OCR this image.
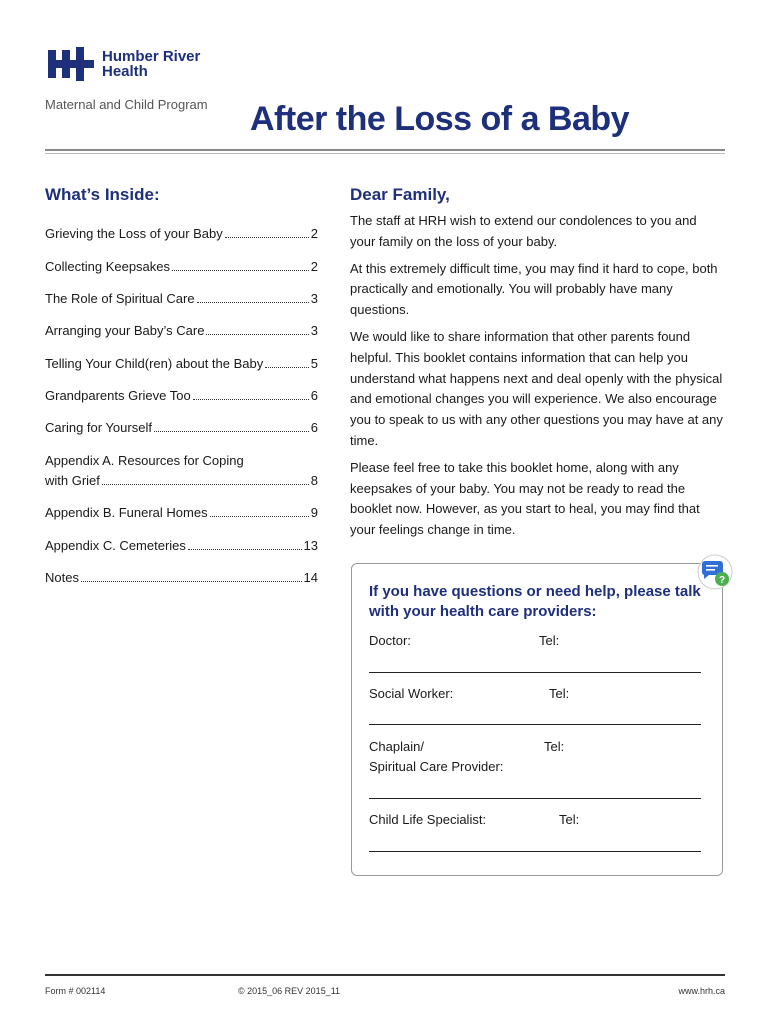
Humber River
Health
Maternal and Child Program After the Loss of a Baby
What’s Inside:
Grieving the Loss of your Baby	2
Collecting Keepsakes	2
The Role of Spiritual Care	3
Arranging your Baby’s Care	3
Telling Your Child(ren) about the Baby	5
Grandparents Grieve Too	6
Caring for Yourself	6
Appendix A. Resources for Coping
with Grief	8
Appendix B. Funeral Homes	9
Appendix C. Cemeteries	13
Notes	14
Dear Family,

The staff at HRH wish to extend our condolences to you and your family on the loss of your baby.

At this extremely difficult time, you may find it hard to cope, both practically and emotionally. You will probably have many questions.

We would like to share information that other parents found helpful. This booklet contains information that can help you understand what happens next and deal openly with the physical and emotional changes you will experience. We also encourage you to speak to us with any other questions you may have at any time.

Please feel free to take this booklet home, along with any keepsakes of your baby. You may not be ready to read the booklet now. However, as you start to heal, you may find that your feelings change in time.

If you have questions or need help, please talk with your health care providers:
Doctor:	Tel:
Social Worker:	Tel:
Chaplain/
Spiritual Care Provider:
Tel:
Child Life Specialist:	Tel:
?
Form # 002114	© 2015_06 REV 2015_11	www.hrh.ca
